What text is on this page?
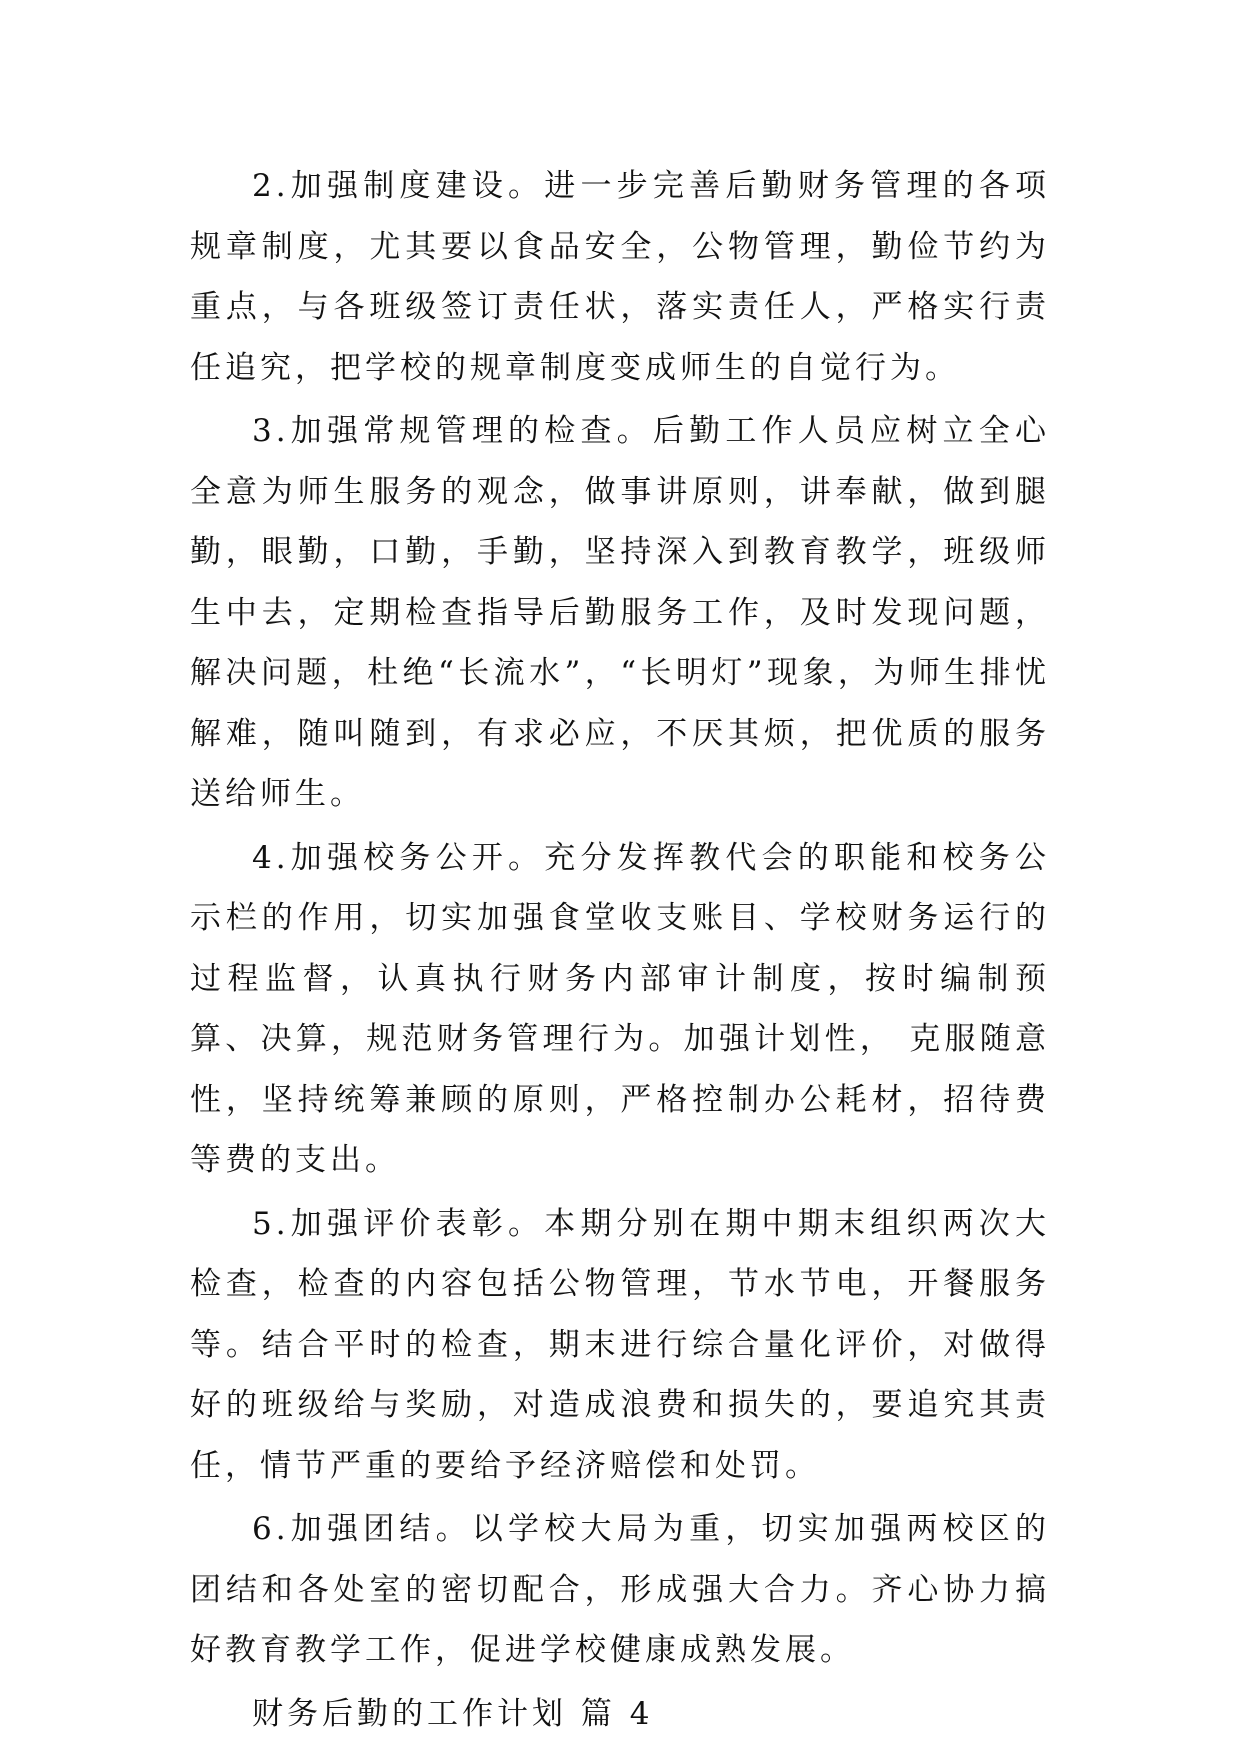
2.加强制度建设。进一步完善后勤财务管理的各项规章制度，尤其要以食品安全，公物管理，勤俭节约为重点，与各班级签订责任状，落实责任人，严格实行责任追究，把学校的规章制度变成师生的自觉行为。

3.加强常规管理的检查。后勤工作人员应树立全心全意为师生服务的观念，做事讲原则，讲奉献，做到腿勤，眼勤，口勤，手勤，坚持深入到教育教学，班级师生中去，定期检查指导后勤服务工作，及时发现问题，解决问题，杜绝“长流水”，“长明灯”现象，为师生排忧解难，随叫随到，有求必应，不厌其烦，把优质的服务送给师生。

4.加强校务公开。充分发挥教代会的职能和校务公示栏的作用，切实加强食堂收支账目、学校财务运行的过程监督，认真执行财务内部审计制度，按时编制预算、决算，规范财务管理行为。加强计划性， 克服随意性，坚持统筹兼顾的原则，严格控制办公耗材，招待费等费的支出。

5.加强评价表彰。本期分别在期中期末组织两次大检查，检查的内容包括公物管理，节水节电，开餐服务等。结合平时的检查，期末进行综合量化评价，对做得好的班级给与奖励，对造成浪费和损失的，要追究其责任，情节严重的要给予经济赔偿和处罚。

6.加强团结。以学校大局为重，切实加强两校区的团结和各处室的密切配合，形成强大合力。齐心协力搞好教育教学工作，促进学校健康成熟发展。

财务后勤的工作计划 篇 4
